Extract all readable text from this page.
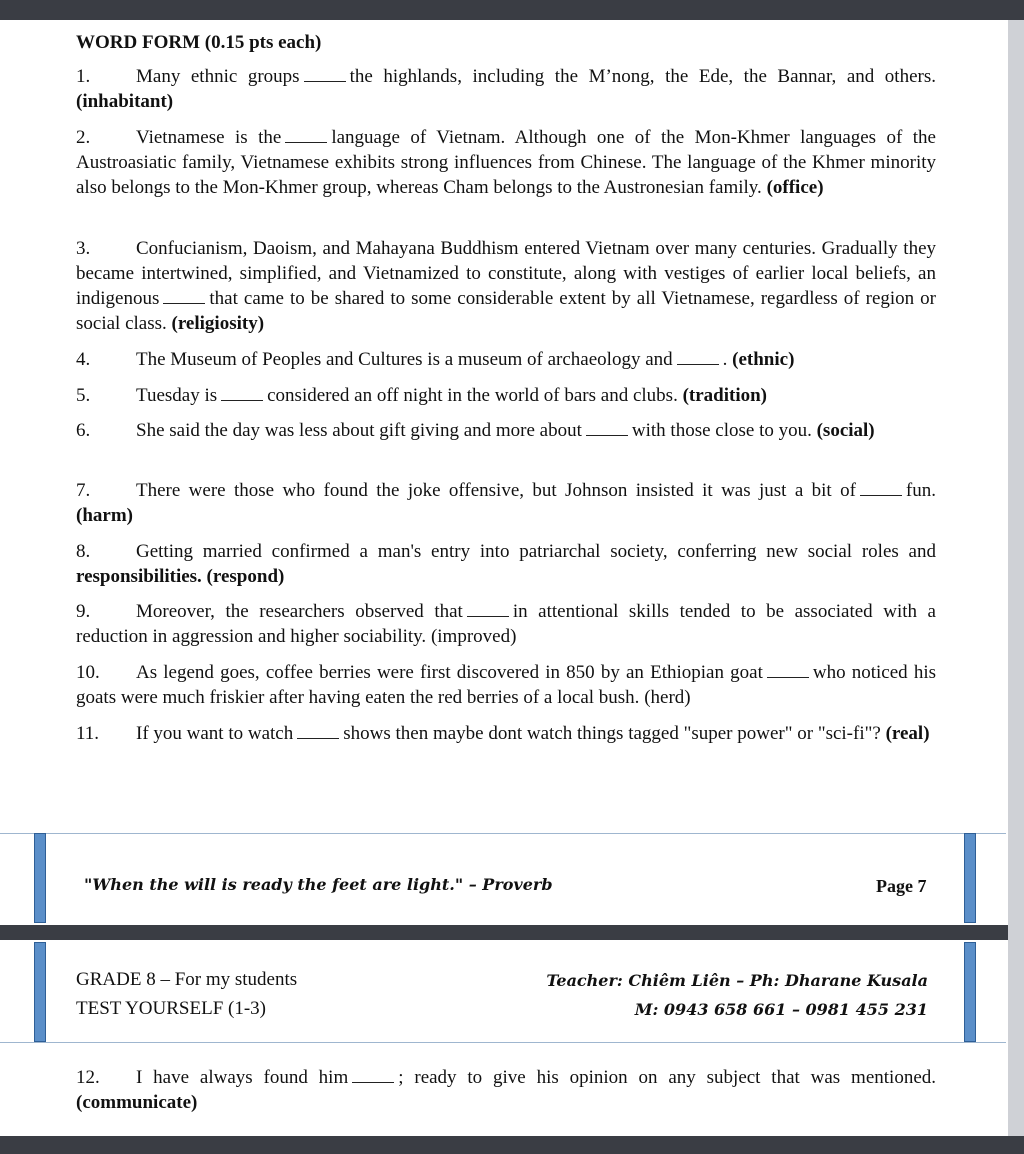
WORD FORM (0.15 pts each)
1. Many ethnic groups	the highlands, including the M’nong, the Ede, the Bannar, and others. (inhabitant)
2. Vietnamese is the	language of Vietnam. Although one of the Mon-Khmer languages of the Austroasiatic family, Vietnamese exhibits strong influences from Chinese. The language of the Khmer minority also belongs to the Mon-Khmer group, whereas Cham belongs to the Austronesian family. (office)
3. Confucianism, Daoism, and Mahayana Buddhism entered Vietnam over many centuries. Gradually they became intertwined, simplified, and Vietnamized to constitute, along with vestiges of earlier local beliefs, an indigenous	that came to be shared to some considerable extent by all Vietnamese, regardless of region or social class. (religiosity)
4. The Museum of Peoples and Cultures is a museum of archaeology and	. (ethnic)
5. Tuesday is	considered an off night in the world of bars and clubs. (tradition)
6. She said the day was less about gift giving and more about	with those close to you. (social)
7. There were those who found the joke offensive, but Johnson insisted it was just a bit of	fun. (harm)
8. Getting married confirmed a man's entry into patriarchal society, conferring new social roles and responsibilities. (respond)
9. Moreover, the researchers observed that	in attentional skills tended to be associated with a reduction in aggression and higher sociability. (improved)
10. As legend goes, coffee berries were first discovered in 850 by an Ethiopian goat	who noticed his goats were much friskier after having eaten the red berries of a local bush. (herd)
11. If you want to watch	shows then maybe dont watch things tagged "super power" or "sci-fi"? (real)
"When the will is ready the feet are light." – Proverb	Page 7
GRADE 8 – For my students
TEST YOURSELF (1-3)
Teacher: Chiêm Liên – Ph: Dharane Kusala
M: 0943 658 661 – 0981 455 231
12. I have always found him	; ready to give his opinion on any subject that was mentioned. (communicate)
